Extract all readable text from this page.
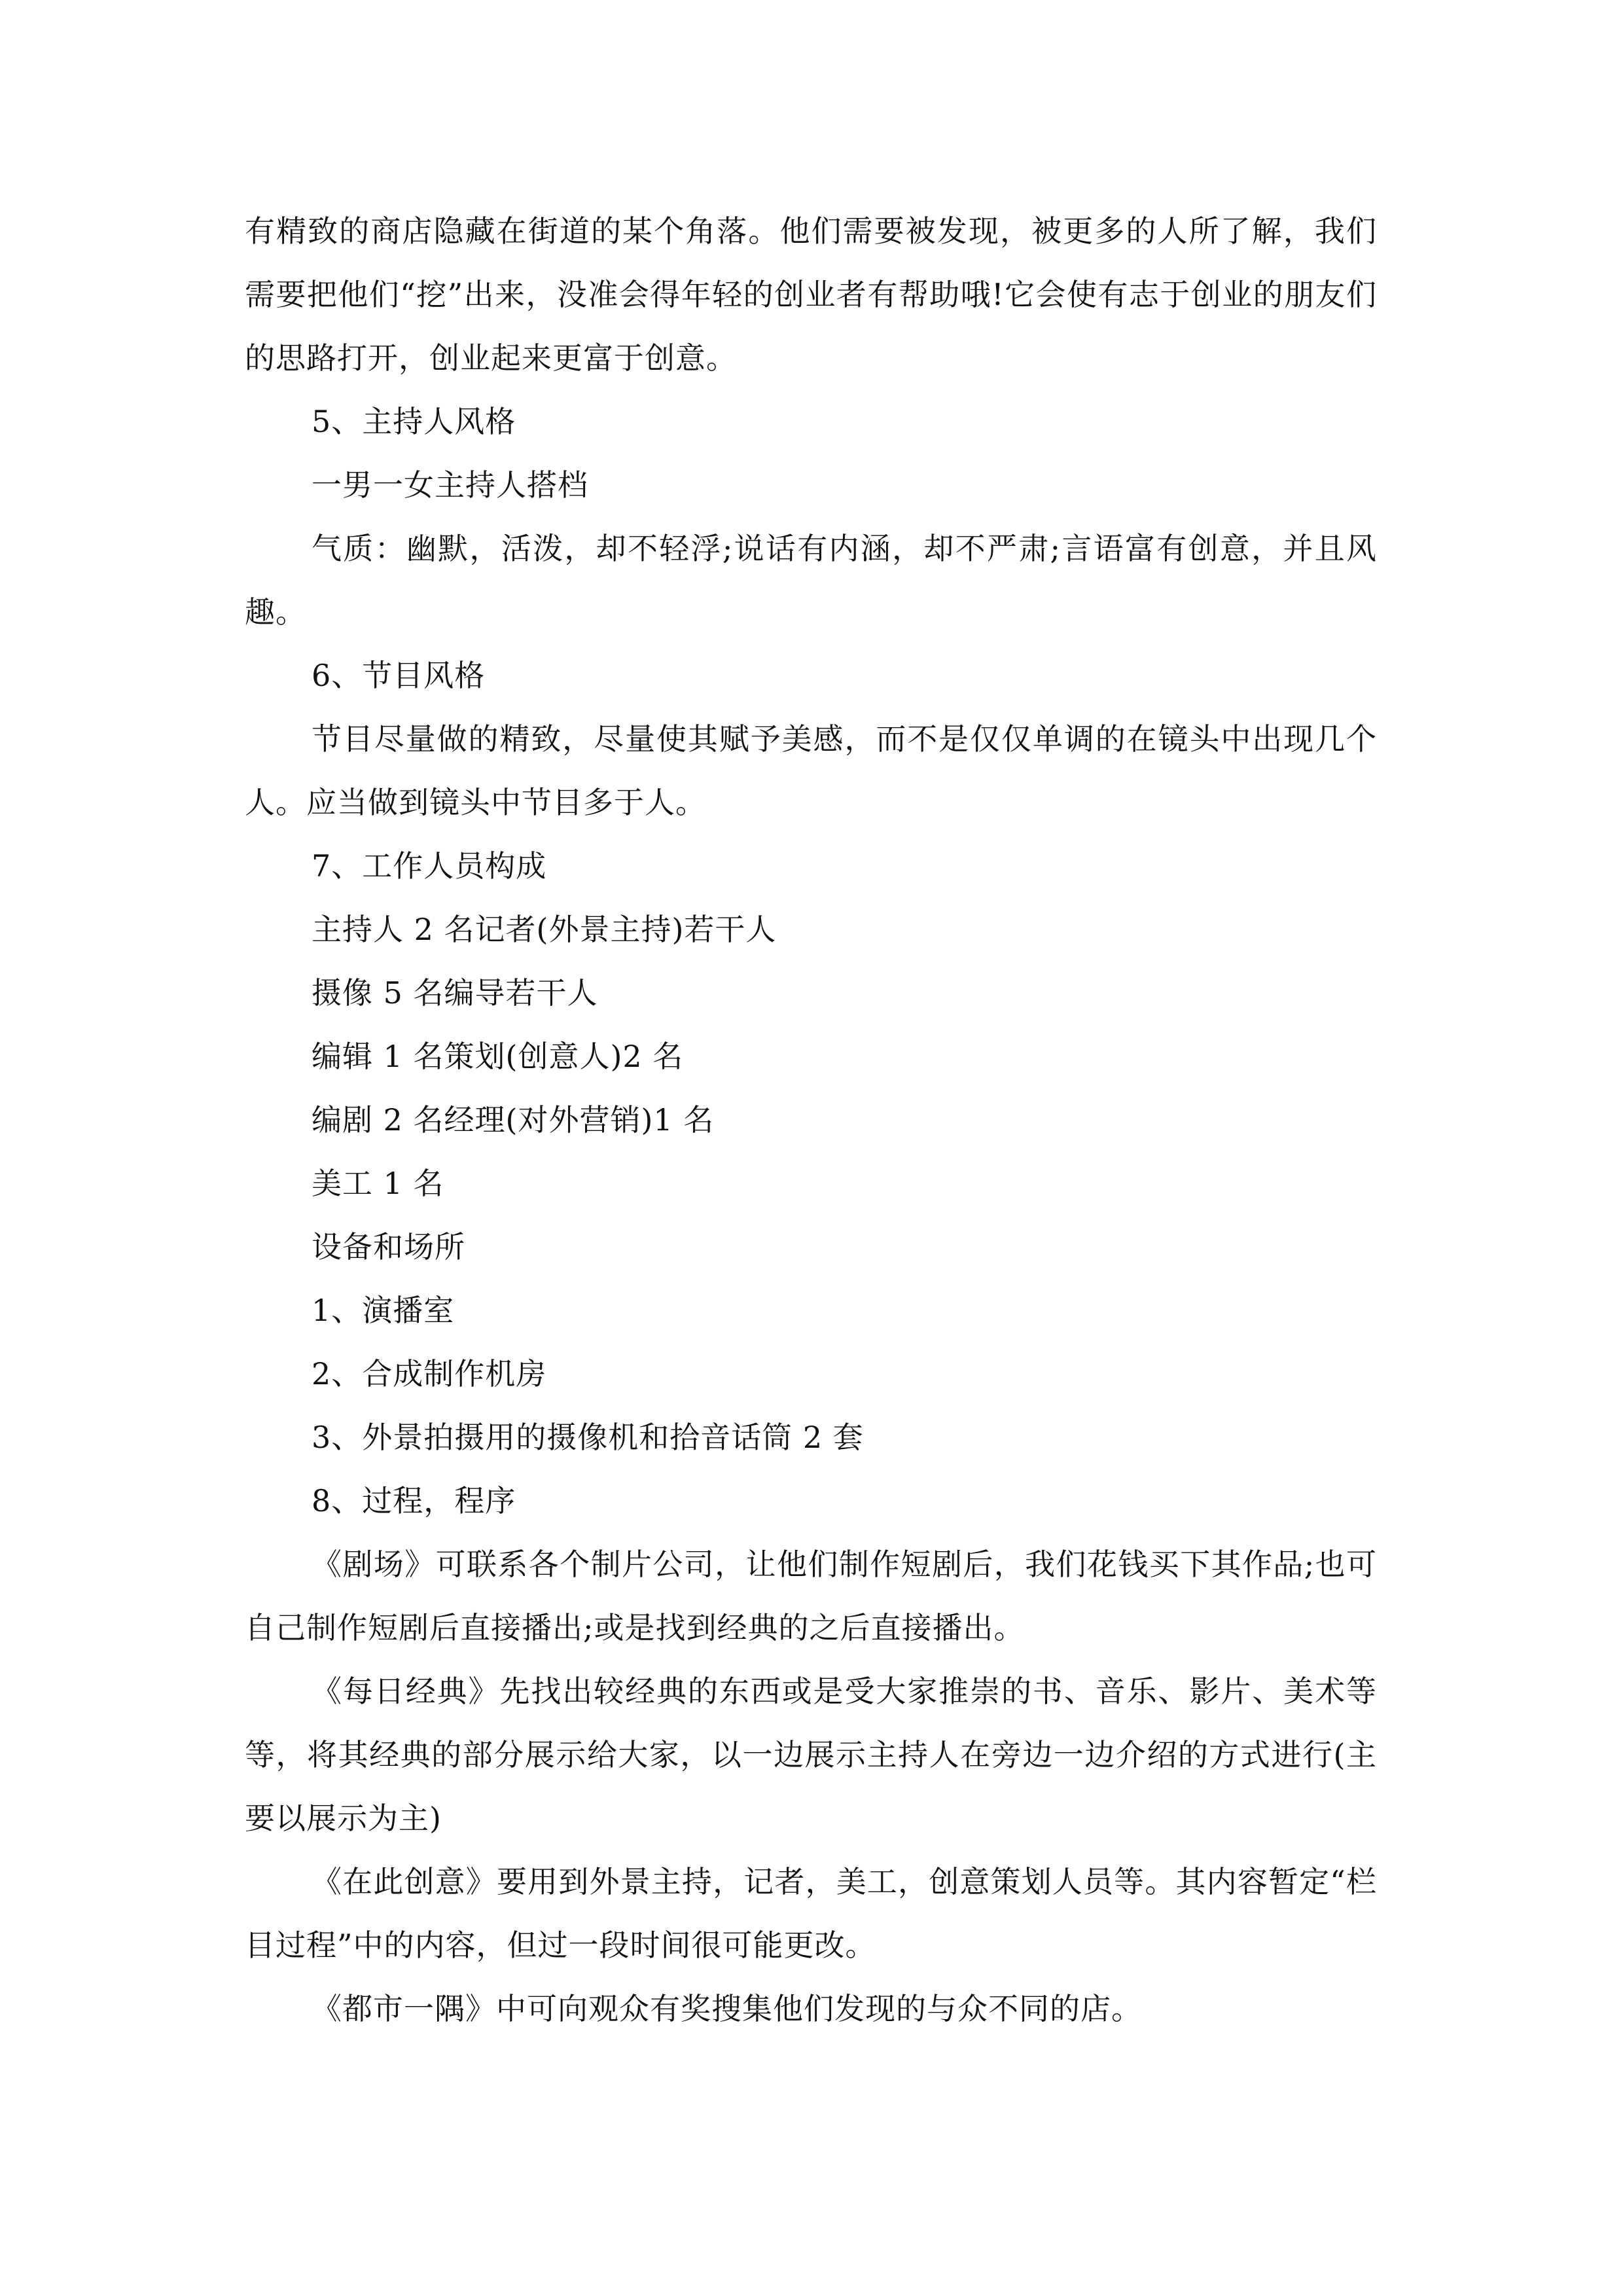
有精致的商店隐藏在街道的某个角落。他们需要被发现，被更多的人所了解，我们需要把他们“挖”出来，没准会得年轻的创业者有帮助哦!它会使有志于创业的朋友们的思路打开，创业起来更富于创意。

5、主持人风格

一男一女主持人搭档

气质：幽默，活泼，却不轻浮;说话有内涵，却不严肃;言语富有创意，并且风趣。

6、节目风格

节目尽量做的精致，尽量使其赋予美感，而不是仅仅单调的在镜头中出现几个人。应当做到镜头中节目多于人。

7、工作人员构成

主持人 2 名记者(外景主持)若干人

摄像 5 名编导若干人

编辑 1 名策划(创意人)2 名

编剧 2 名经理(对外营销)1 名

美工 1 名

设备和场所

1、演播室

2、合成制作机房

3、外景拍摄用的摄像机和拾音话筒 2 套

8、过程，程序

《剧场》可联系各个制片公司，让他们制作短剧后，我们花钱买下其作品;也可自己制作短剧后直接播出;或是找到经典的之后直接播出。

《每日经典》先找出较经典的东西或是受大家推崇的书、音乐、影片、美术等等，将其经典的部分展示给大家，以一边展示主持人在旁边一边介绍的方式进行(主要以展示为主)

《在此创意》要用到外景主持，记者，美工，创意策划人员等。其内容暂定“栏目过程”中的内容，但过一段时间很可能更改。

《都市一隅》中可向观众有奖搜集他们发现的与众不同的店。
